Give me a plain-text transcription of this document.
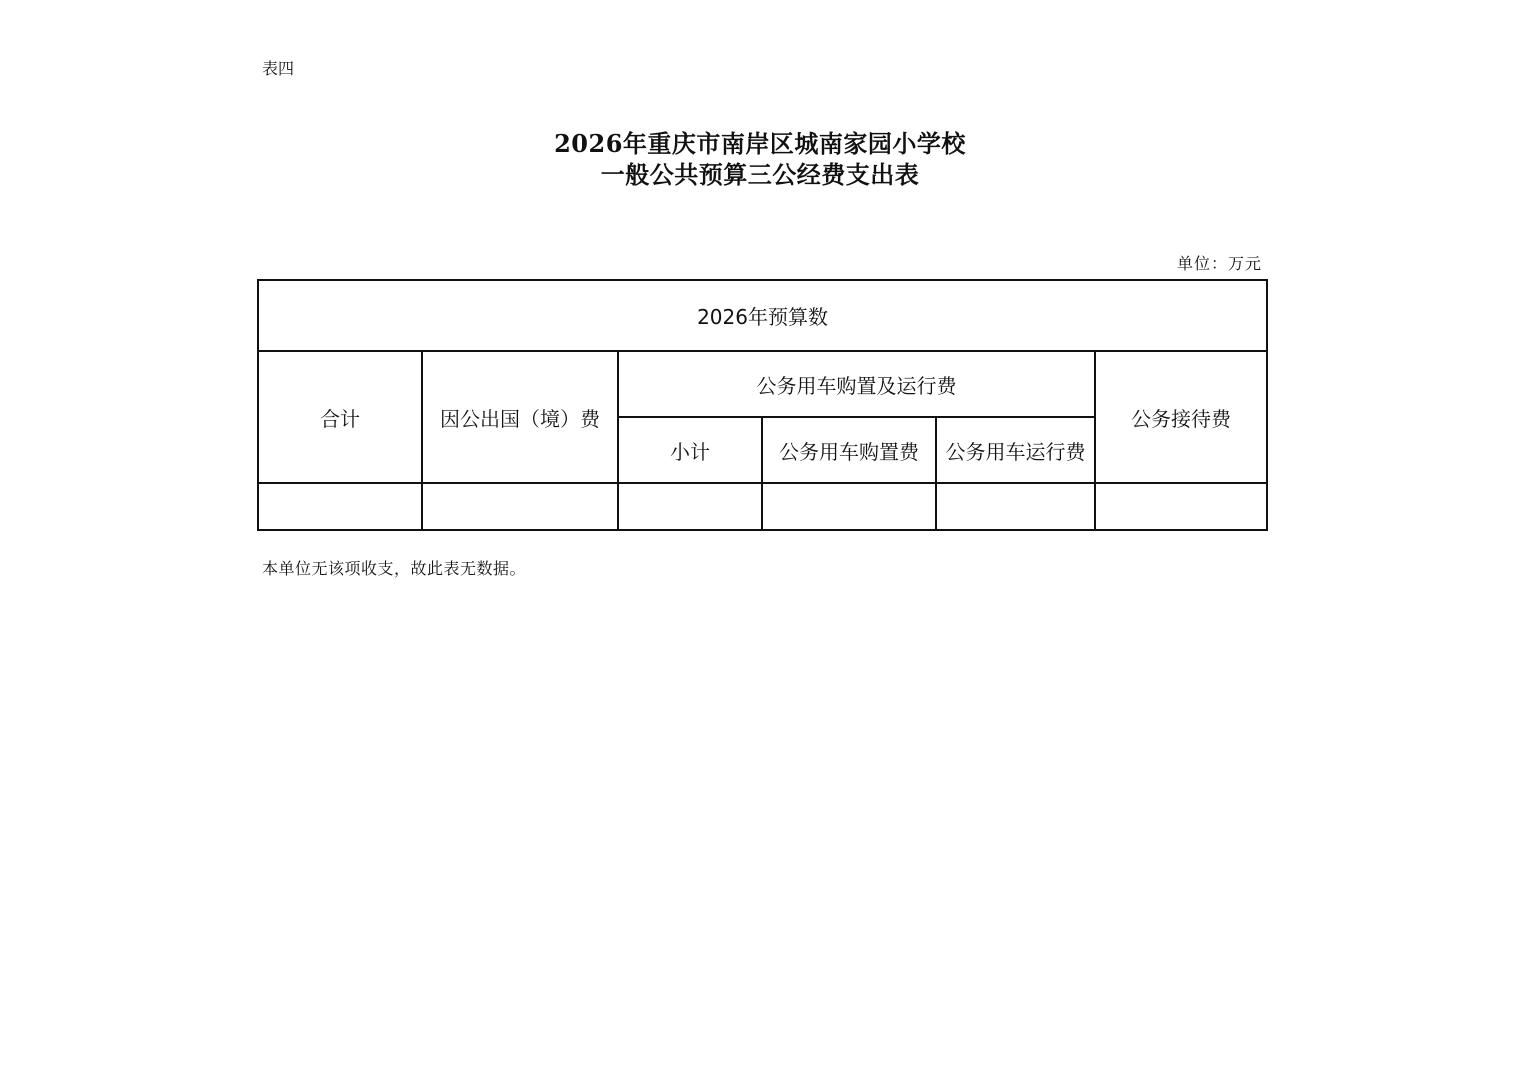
表四
2026年重庆市南岸区城南家园小学校
一般公共预算三公经费支出表
单位：万元
2026年预算数					
合计	因公出国（境）费	公务用车购置及运行费			公务接待费
		小计	公务用车购置费	公务用车运行费	

本单位无该项收支，故此表无数据。
